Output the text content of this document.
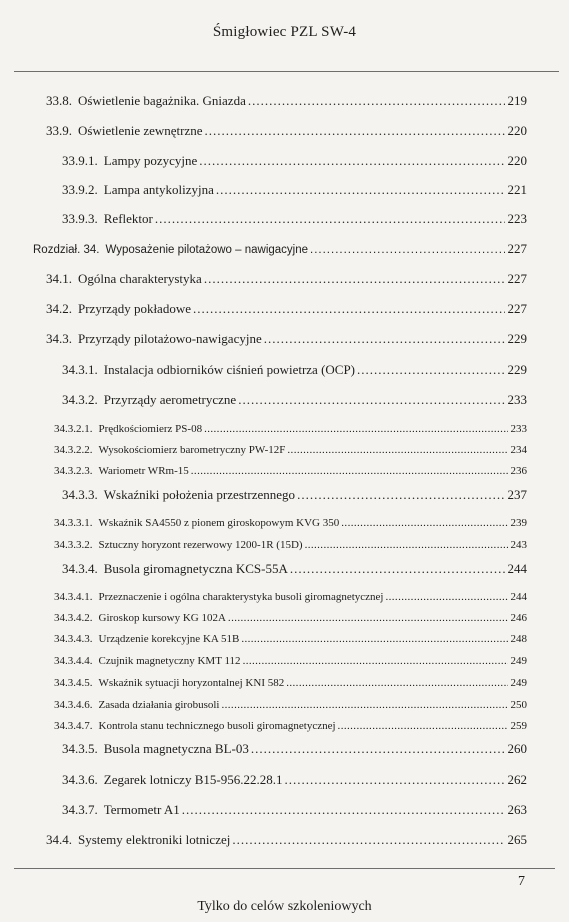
Śmigłowiec PZL SW-4
33.8. Oświetlenie bagażnika. Gniazda .....	219
33.9. Oświetlenie zewnętrzne .....	220
33.9.1. Lampy pozycyjne .....	220
33.9.2. Lampa antykolizyjna .....	221
33.9.3. Reflektor .....	223
Rozdział. 34. Wyposażenie pilotażowo – nawigacyjne .....	227
34.1. Ogólna charakterystyka .....	227
34.2. Przyrządy pokładowe .....	227
34.3. Przyrządy pilotażowo-nawigacyjne .....	229
34.3.1. Instalacja odbiorników ciśnień powietrza (OCP) .....	229
34.3.2. Przyrządy aerometryczne .....	233
34.3.2.1. Prędkościomierz PS-08 .....	233
34.3.2.2. Wysokościomierz barometryczny PW-12F .....	234
34.3.2.3. Wariometr WRm-15 .....	236
34.3.3. Wskaźniki położenia przestrzennego .....	237
34.3.3.1. Wskaźnik SA4550 z pionem giroskopowym KVG 350 .....	239
34.3.3.2. Sztuczny horyzont rezerwowy 1200-1R (15D) .....	243
34.3.4. Busola giromagnetyczna KCS-55A .....	244
34.3.4.1. Przeznaczenie i ogólna charakterystyka busoli giromagnetycznej .....	244
34.3.4.2. Giroskop kursowy KG 102A .....	246
34.3.4.3. Urządzenie korekcyjne KA 51B .....	248
34.3.4.4. Czujnik magnetyczny KMT 112 .....	249
34.3.4.5. Wskaźnik sytuacji horyzontalnej KNI 582 .....	249
34.3.4.6. Zasada działania girobusoli .....	250
34.3.4.7. Kontrola stanu technicznego busoli giromagnetycznej .....	259
34.3.5. Busola magnetyczna BL-03 .....	260
34.3.6. Zegarek lotniczy B15-956.22.28.1 .....	262
34.3.7. Termometr A1 .....	263
34.4. Systemy elektroniki lotniczej .....	265
7
Tylko do celów szkoleniowych
